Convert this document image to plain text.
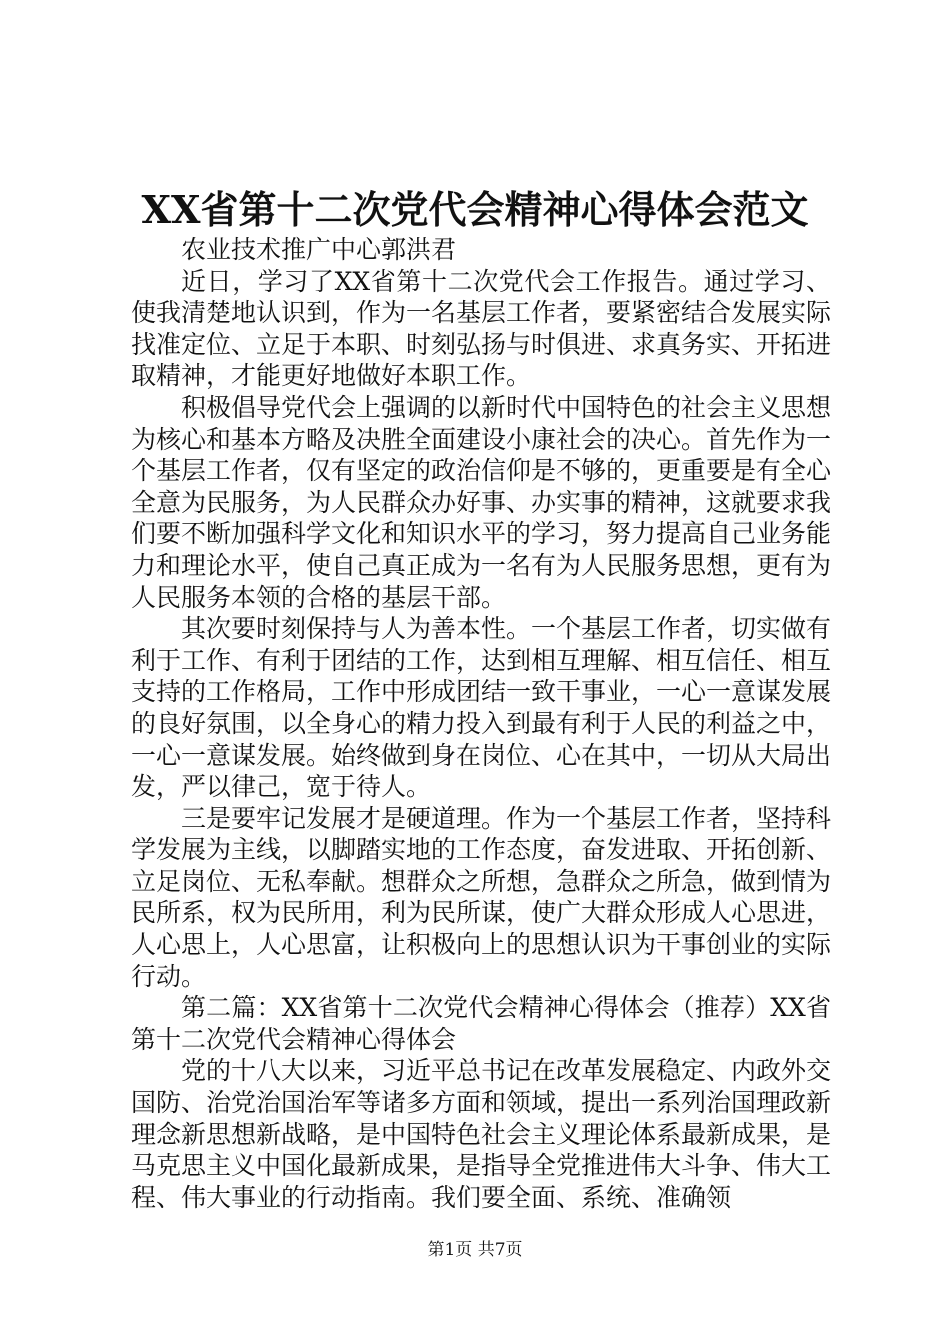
XX省第十二次党代会精神心得体会范文

农业技术推广中心郭洪君

近日，学习了XX省第十二次党代会工作报告。通过学习、使我清楚地认识到，作为一名基层工作者，要紧密结合发展实际找准定位、立足于本职、时刻弘扬与时俱进、求真务实、开拓进取精神，才能更好地做好本职工作。

积极倡导党代会上强调的以新时代中国特色的社会主义思想为核心和基本方略及决胜全面建设小康社会的决心。首先作为一个基层工作者，仅有坚定的政治信仰是不够的，更重要是有全心全意为民服务，为人民群众办好事、办实事的精神，这就要求我们要不断加强科学文化和知识水平的学习，努力提高自己业务能力和理论水平，使自己真正成为一名有为人民服务思想，更有为人民服务本领的合格的基层干部。

其次要时刻保持与人为善本性。一个基层工作者，切实做有利于工作、有利于团结的工作，达到相互理解、相互信任、相互支持的工作格局，工作中形成团结一致干事业，一心一意谋发展的良好氛围，以全身心的精力投入到最有利于人民的利益之中，一心一意谋发展。始终做到身在岗位、心在其中，一切从大局出发，严以律己，宽于待人。

三是要牢记发展才是硬道理。作为一个基层工作者，坚持科学发展为主线，以脚踏实地的工作态度，奋发进取、开拓创新、立足岗位、无私奉献。想群众之所想，急群众之所急，做到情为民所系，权为民所用，利为民所谋，使广大群众形成人心思进，人心思上，人心思富，让积极向上的思想认识为干事创业的实际行动。

第二篇：XX省第十二次党代会精神心得体会（推荐）XX省第十二次党代会精神心得体会

党的十八大以来，习近平总书记在改革发展稳定、内政外交国防、治党治国治军等诸多方面和领域，提出一系列治国理政新理念新思想新战略，是中国特色社会主义理论体系最新成果，是马克思主义中国化最新成果，是指导全党推进伟大斗争、伟大工程、伟大事业的行动指南。我们要全面、系统、准确领

第1页 共7页
